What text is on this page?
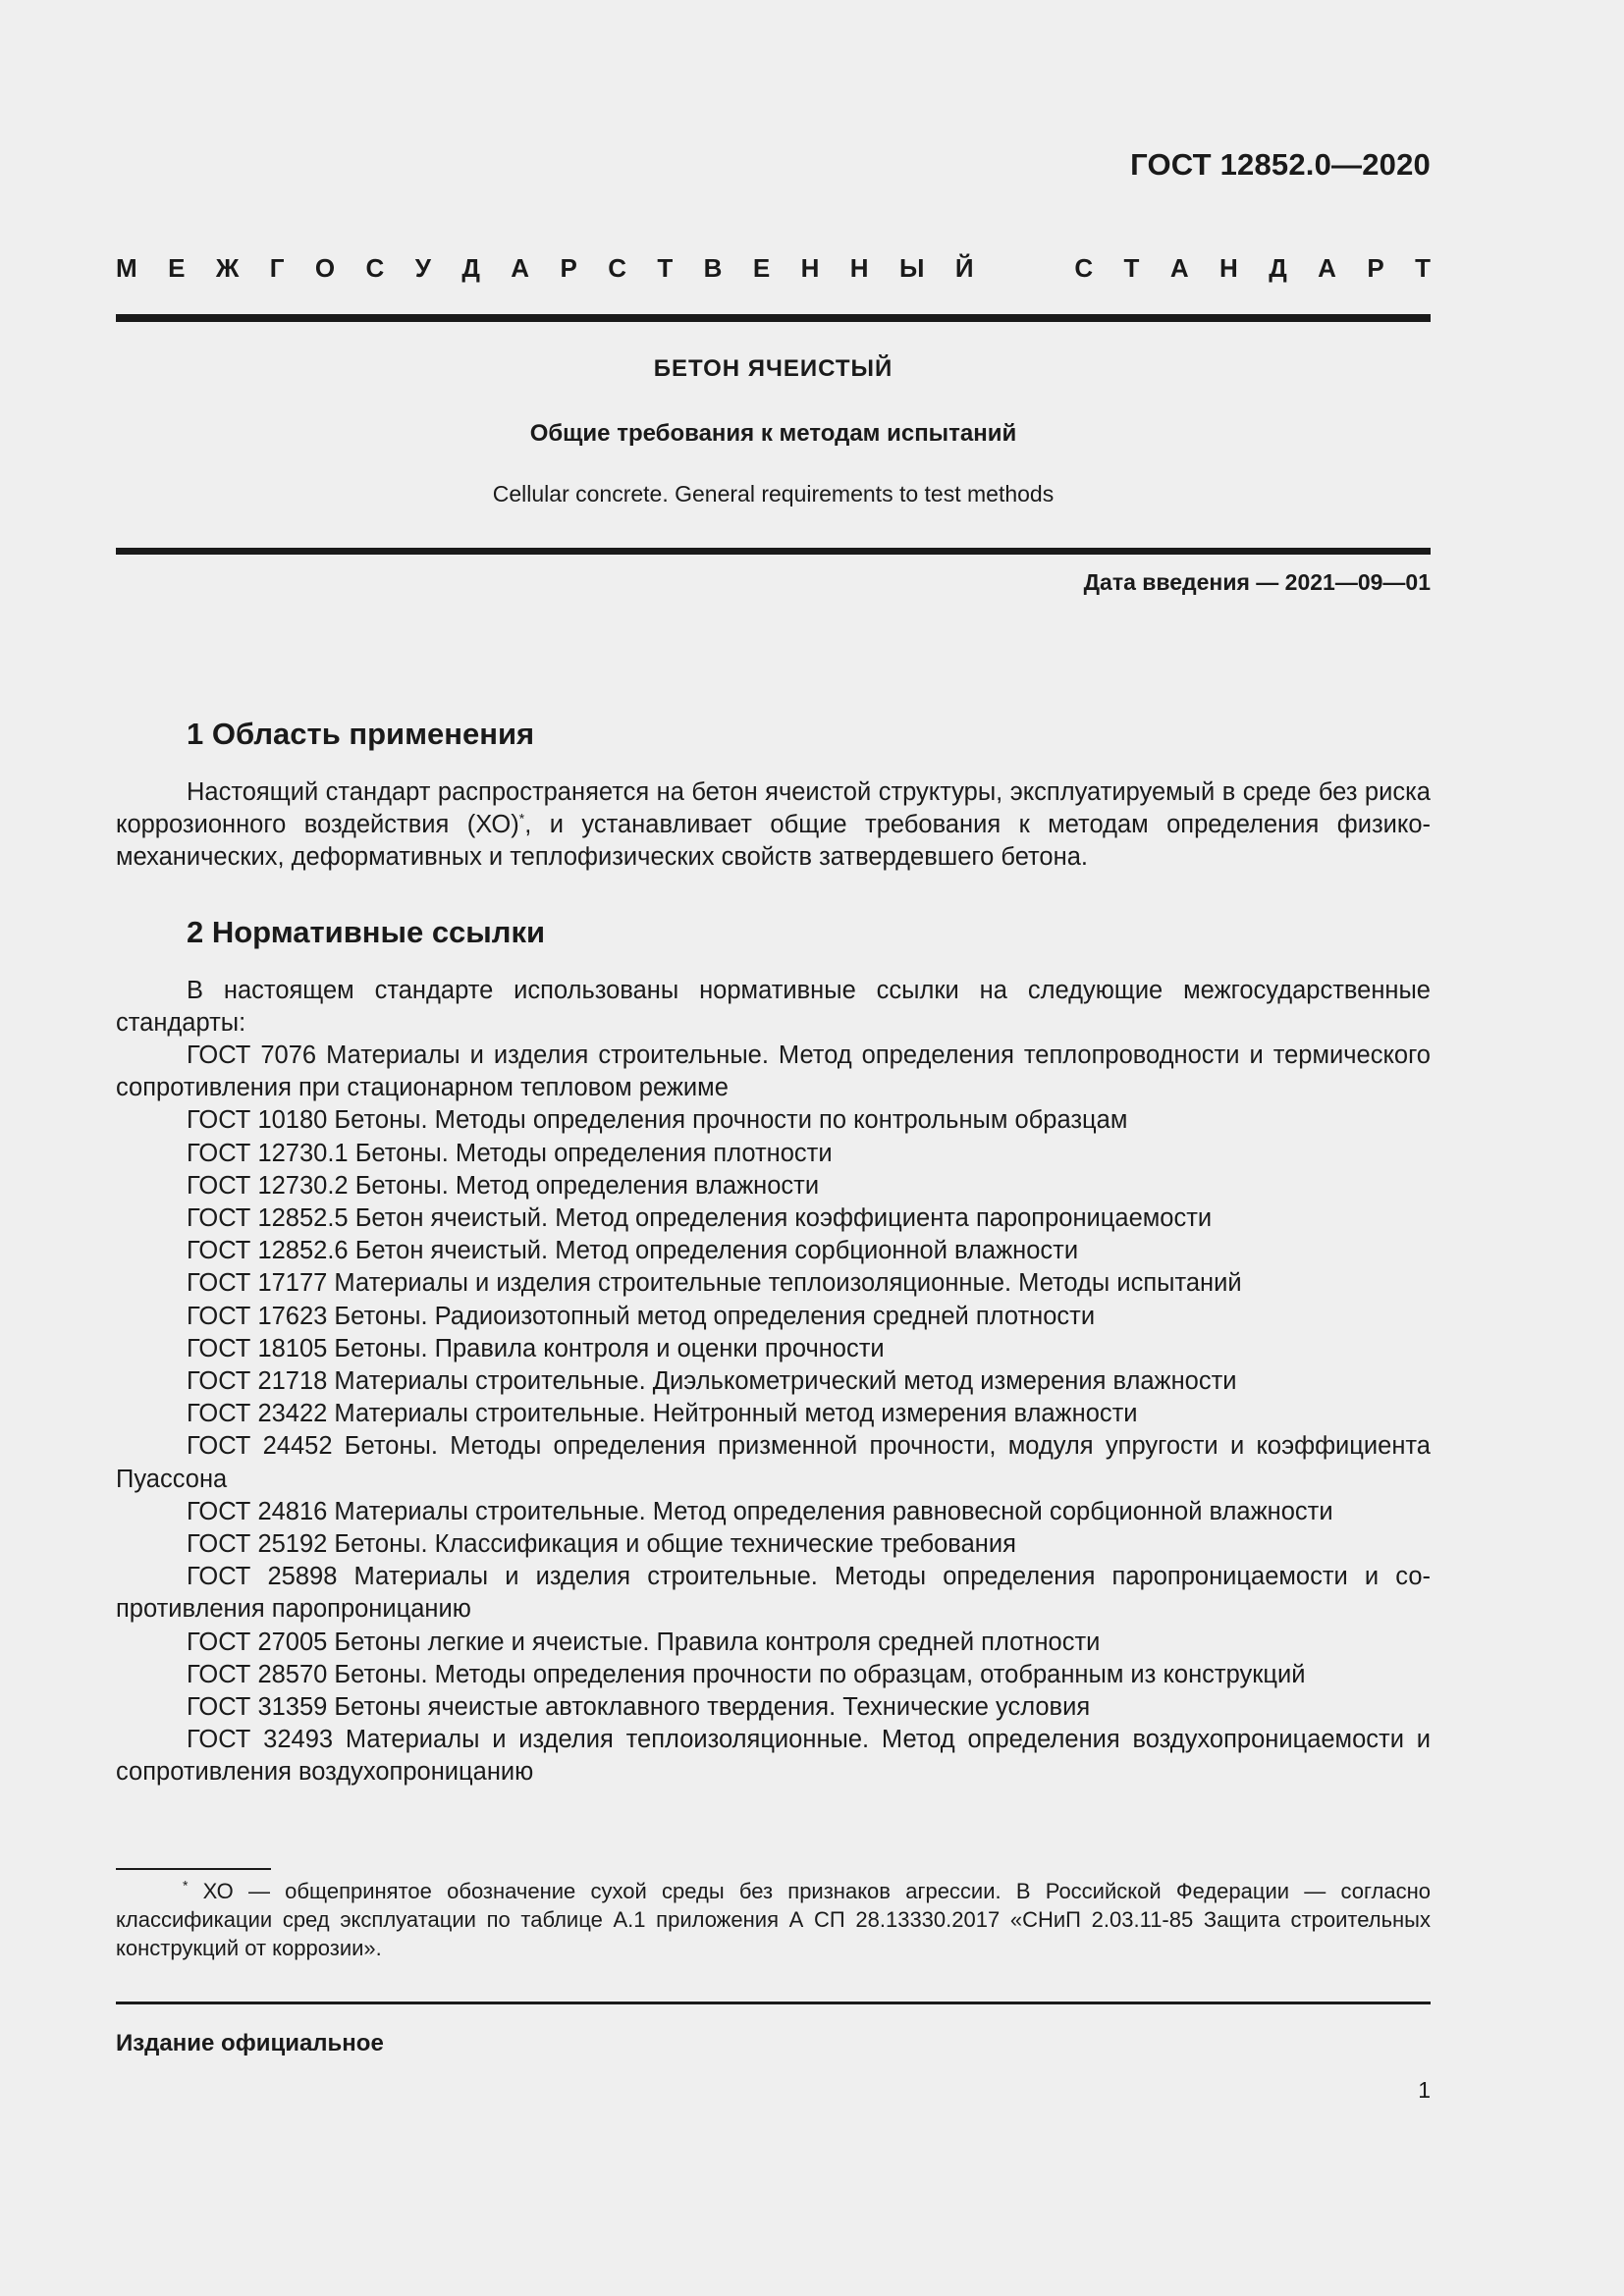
ГОСТ 12852.0—2020
М Е Ж Г О С У Д А Р С Т В Е Н Н Ы Й	С Т А Н Д А Р Т
БЕТОН ЯЧЕИСТЫЙ
Общие требования к методам испытаний
Cellular concrete. General requirements to test methods
Дата введения — 2021—09—01
1 Область применения

Настоящий стандарт распространяется на бетон ячеистой структуры, эксплуатируемый в среде без риска коррозионного воздействия (ХО)*, и устанавливает общие требования к методам определения физико-механических, деформативных и теплофизических свойств затвердевшего бетона.

2 Нормативные ссылки

В настоящем стандарте использованы нормативные ссылки на следующие межгосударственные стандарты:

ГОСТ 7076 Материалы и изделия строительные. Метод определения теплопроводности и термического сопротивления при стационарном тепловом режиме
ГОСТ 10180 Бетоны. Методы определения прочности по контрольным образцам
ГОСТ 12730.1 Бетоны. Методы определения плотности
ГОСТ 12730.2 Бетоны. Метод определения влажности
ГОСТ 12852.5 Бетон ячеистый. Метод определения коэффициента паропроницаемости
ГОСТ 12852.6 Бетон ячеистый. Метод определения сорбционной влажности
ГОСТ 17177 Материалы и изделия строительные теплоизоляционные. Методы испытаний
ГОСТ 17623 Бетоны. Радиоизотопный метод определения средней плотности
ГОСТ 18105 Бетоны. Правила контроля и оценки прочности
ГОСТ 21718 Материалы строительные. Диэлькометрический метод измерения влажности
ГОСТ 23422 Материалы строительные. Нейтронный метод измерения влажности
ГОСТ 24452 Бетоны. Методы определения призменной прочности, модуля упругости и коэффициента Пуассона
ГОСТ 24816 Материалы строительные. Метод определения равновесной сорбционной влажности
ГОСТ 25192 Бетоны. Классификация и общие технические требования
ГОСТ 25898 Материалы и изделия строительные. Методы определения паропроницаемости и сопротивления паропроницанию
ГОСТ 27005 Бетоны легкие и ячеистые. Правила контроля средней плотности
ГОСТ 28570 Бетоны. Методы определения прочности по образцам, отобранным из конструкций
ГОСТ 31359 Бетоны ячеистые автоклавного твердения. Технические условия
ГОСТ 32493 Материалы и изделия теплоизоляционные. Метод определения воздухопроницаемости и сопротивления воздухопроницанию

* ХО — общепринятое обозначение сухой среды без признаков агрессии. В Российской Федерации — согласно классификации сред эксплуатации по таблице А.1 приложения А СП 28.13330.2017 «СНиП 2.03.11-85 Защита строительных конструкций от коррозии».

Издание официальное
1
